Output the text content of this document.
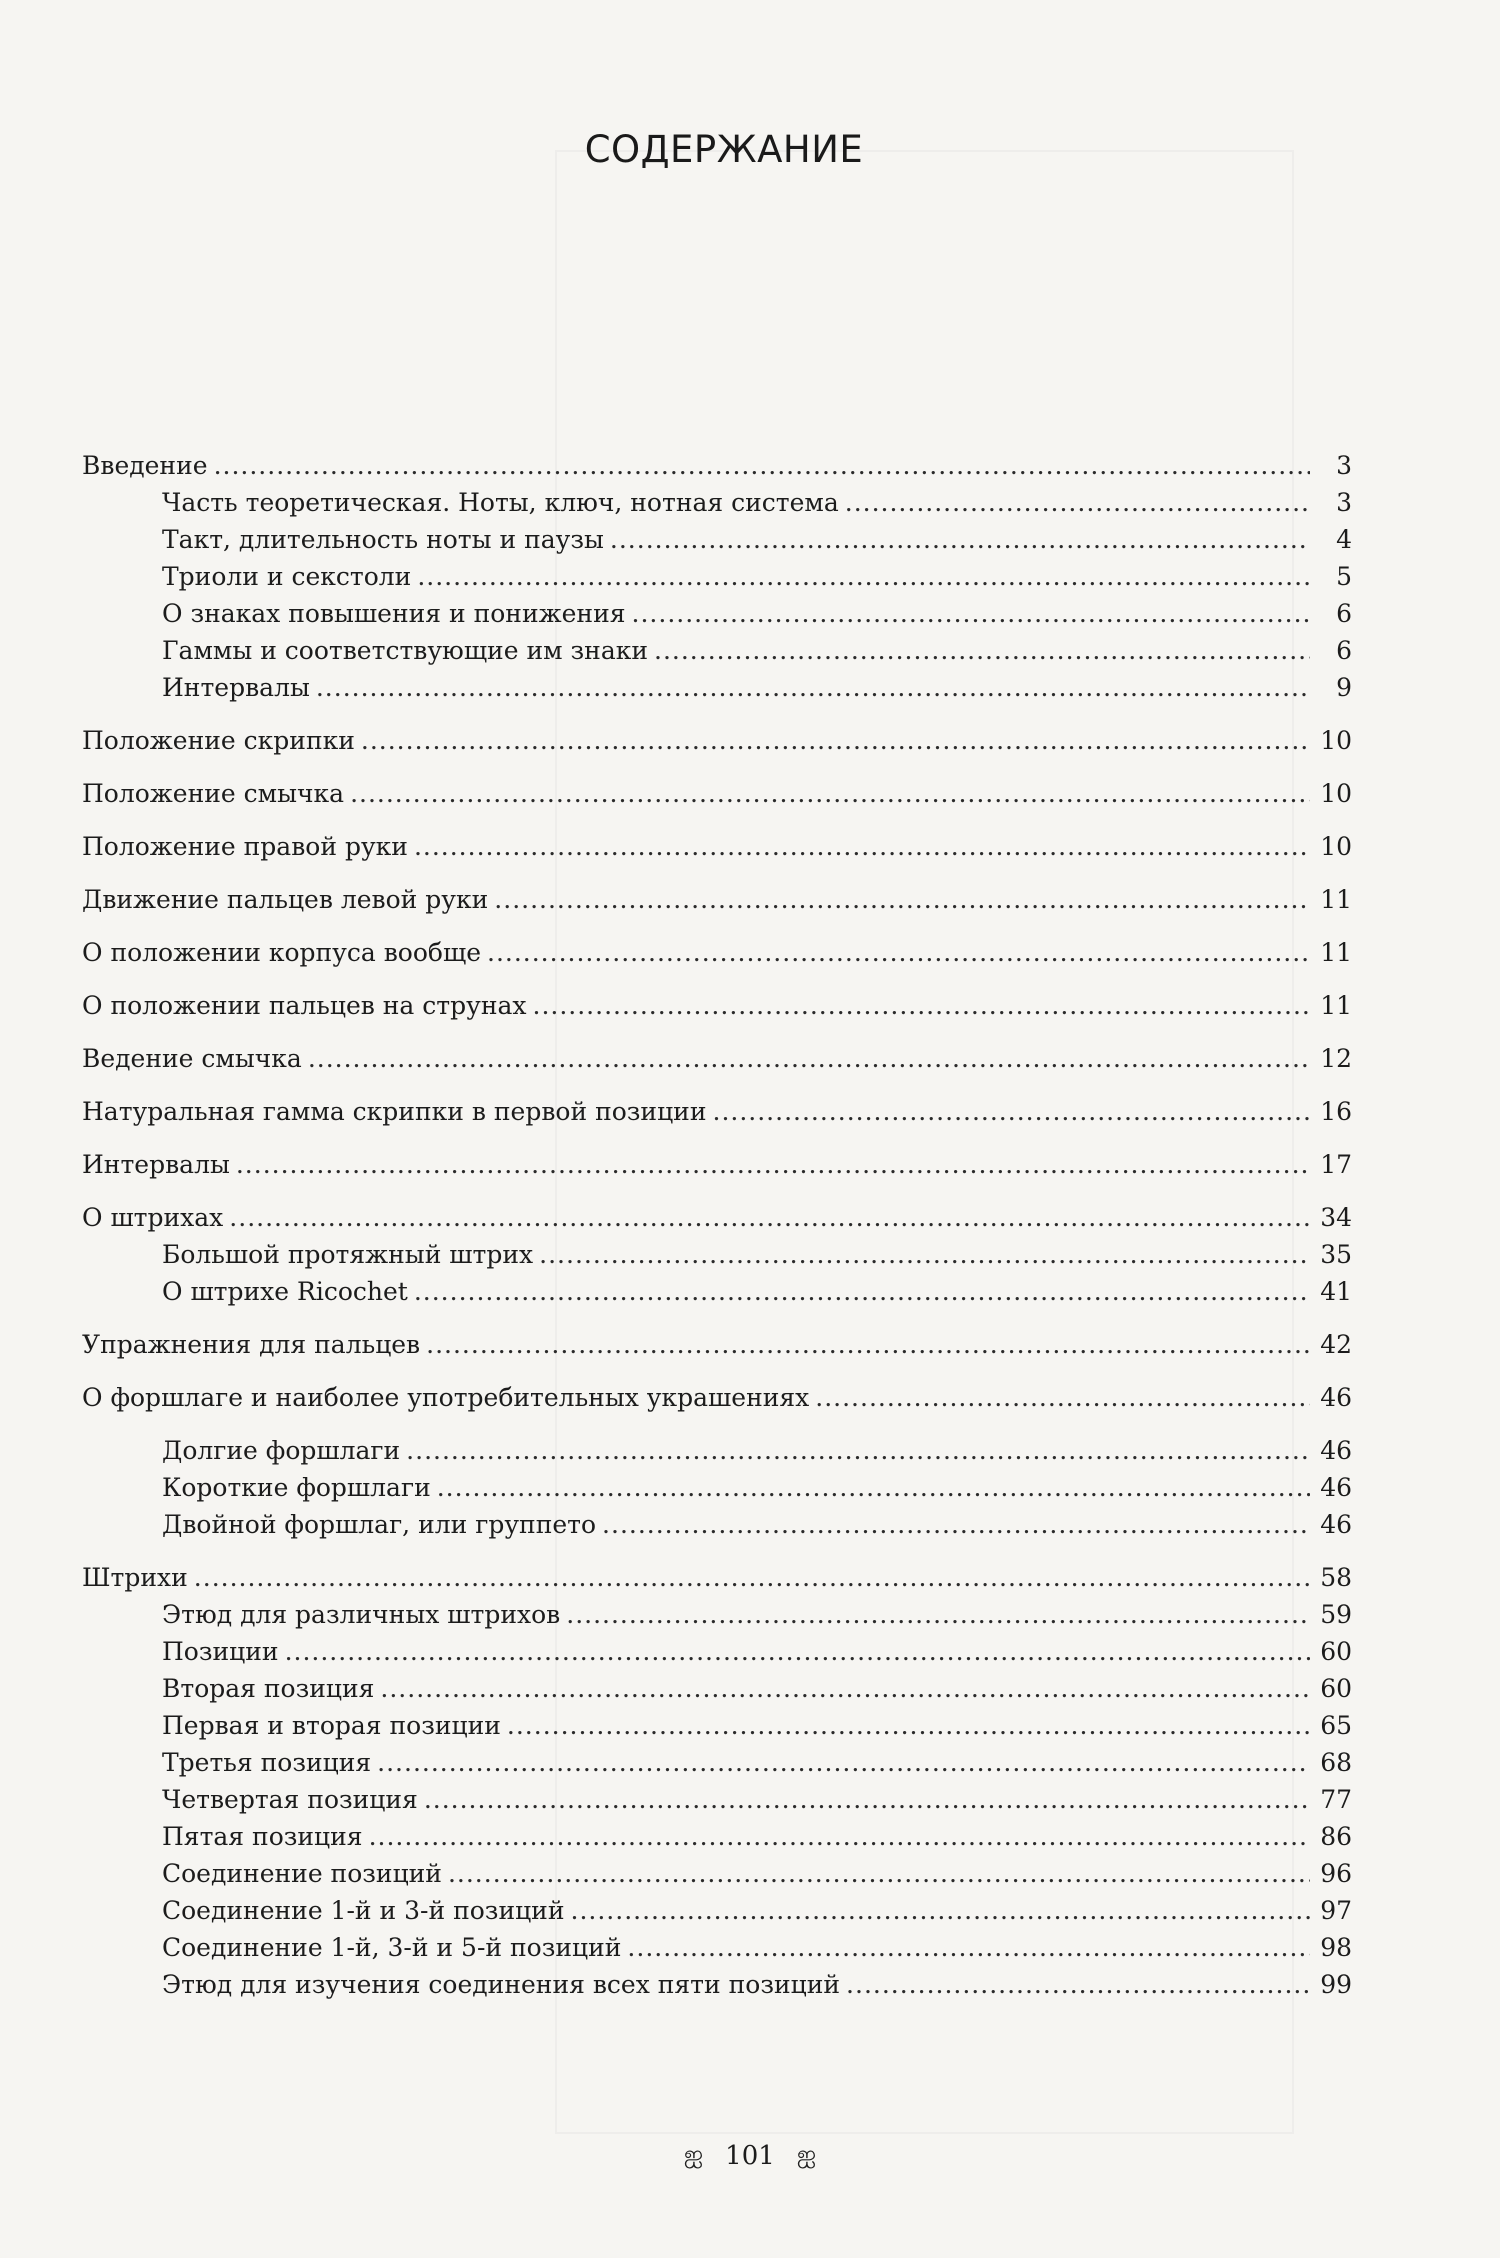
СОДЕРЖАНИЕ
Введение .....	3
Часть теоретическая. Ноты, ключ, нотная система .....	3
Такт, длительность ноты и паузы .....	4
Триоли и секстоли .....	5
О знаках повышения и понижения .....	6
Гаммы и соответствующие им знаки .....	6
Интервалы .....	9
Положение скрипки .....	10
Положение смычка .....	10
Положение правой руки .....	10
Движение пальцев левой руки .....	11
О положении корпуса вообще .....	11
О положении пальцев на струнах .....	11
Ведение смычка .....	12
Натуральная гамма скрипки в первой позиции .....	16
Интервалы .....	17
О штрихах .....	34
Большой протяжный штрих .....	35
О штрихе Ricochet .....	41
Упражнения для пальцев .....	42
О форшлаге и наиболее употребительных украшениях .....	46
Долгие форшлаги .....	46
Короткие форшлаги .....	46
Двойной форшлаг, или группето .....	46
Штрихи .....	58
Этюд для различных штрихов .....	59
Позиции .....	60
Вторая позиция .....	60
Первая и вторая позиции .....	65
Третья позиция .....	68
Четвертая позиция .....	77
Пятая позиция .....	86
Соединение позиций .....	96
Соединение 1-й и 3-й позиций .....	97
Соединение 1-й, 3-й и 5-й позиций .....	98
Этюд для изучения соединения всех пяти позиций .....	99
ஐ 101 ஐ
